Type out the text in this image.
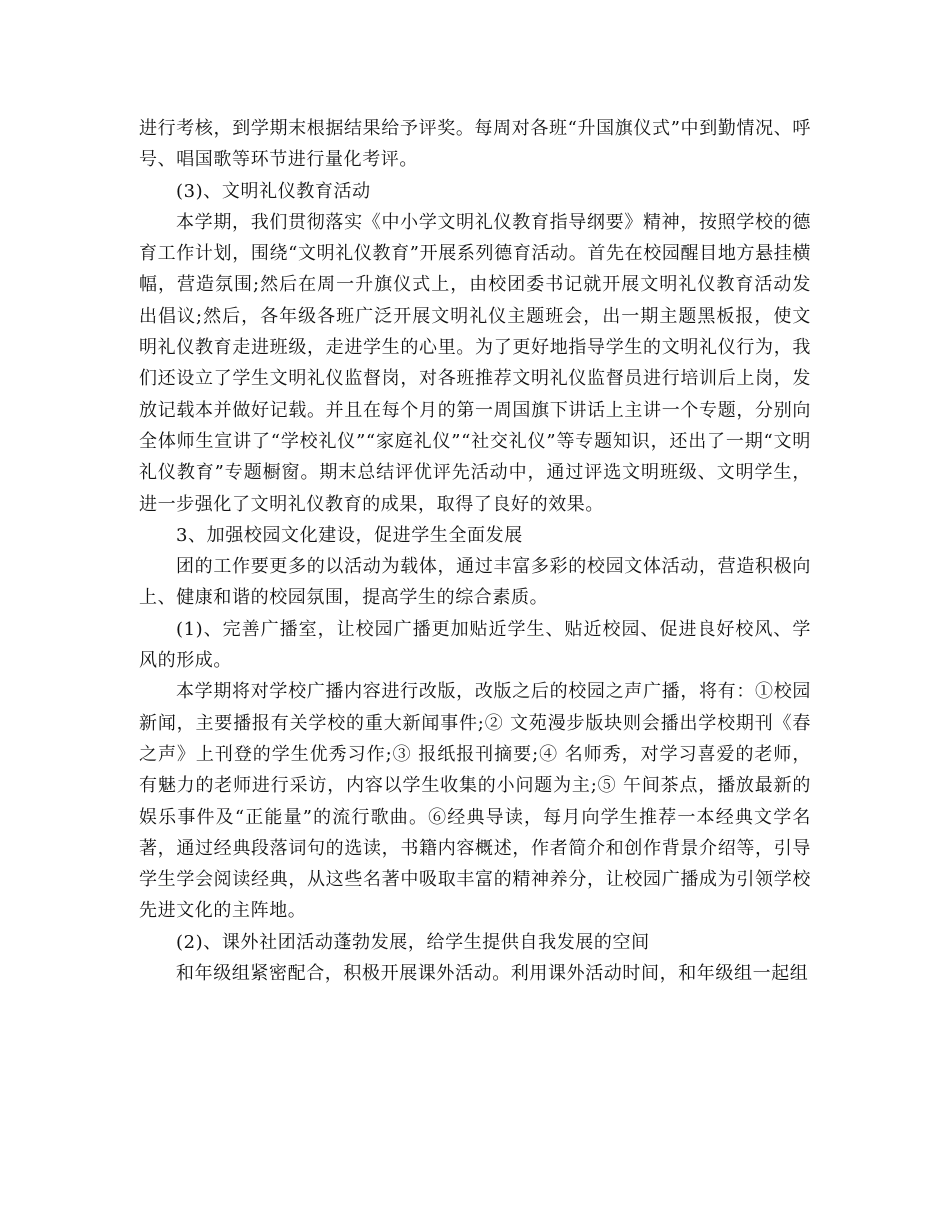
进行考核，到学期末根据结果给予评奖。每周对各班“升国旗仪式”中到勤情况、呼号、唱国歌等环节进行量化考评。

(3)、文明礼仪教育活动

本学期，我们贯彻落实《中小学文明礼仪教育指导纲要》精神，按照学校的德育工作计划，围绕“文明礼仪教育”开展系列德育活动。首先在校园醒目地方悬挂横幅，营造氛围;然后在周一升旗仪式上，由校团委书记就开展文明礼仪教育活动发出倡议;然后，各年级各班广泛开展文明礼仪主题班会，出一期主题黑板报，使文明礼仪教育走进班级，走进学生的心里。为了更好地指导学生的文明礼仪行为，我们还设立了学生文明礼仪监督岗，对各班推荐文明礼仪监督员进行培训后上岗，发放记载本并做好记载。并且在每个月的第一周国旗下讲话上主讲一个专题，分别向全体师生宣讲了“学校礼仪”“家庭礼仪”“社交礼仪”等专题知识，还出了一期“文明礼仪教育”专题橱窗。期末总结评优评先活动中，通过评选文明班级、文明学生，进一步强化了文明礼仪教育的成果，取得了良好的效果。

3、加强校园文化建设，促进学生全面发展

团的工作要更多的以活动为载体，通过丰富多彩的校园文体活动，营造积极向上、健康和谐的校园氛围，提高学生的综合素质。

(1)、完善广播室，让校园广播更加贴近学生、贴近校园、促进良好校风、学风的形成。

本学期将对学校广播内容进行改版，改版之后的校园之声广播，将有：①校园新闻，主要播报有关学校的重大新闻事件;② 文苑漫步版块则会播出学校期刊《春之声》上刊登的学生优秀习作;③ 报纸报刊摘要;④ 名师秀，对学习喜爱的老师，有魅力的老师进行采访，内容以学生收集的小问题为主;⑤ 午间茶点，播放最新的娱乐事件及“正能量”的流行歌曲。⑥经典导读，每月向学生推荐一本经典文学名著，通过经典段落词句的选读，书籍内容概述，作者简介和创作背景介绍等，引导学生学会阅读经典，从这些名著中吸取丰富的精神养分，让校园广播成为引领学校先进文化的主阵地。

(2)、课外社团活动蓬勃发展，给学生提供自我发展的空间

和年级组紧密配合，积极开展课外活动。利用课外活动时间，和年级组一起组
